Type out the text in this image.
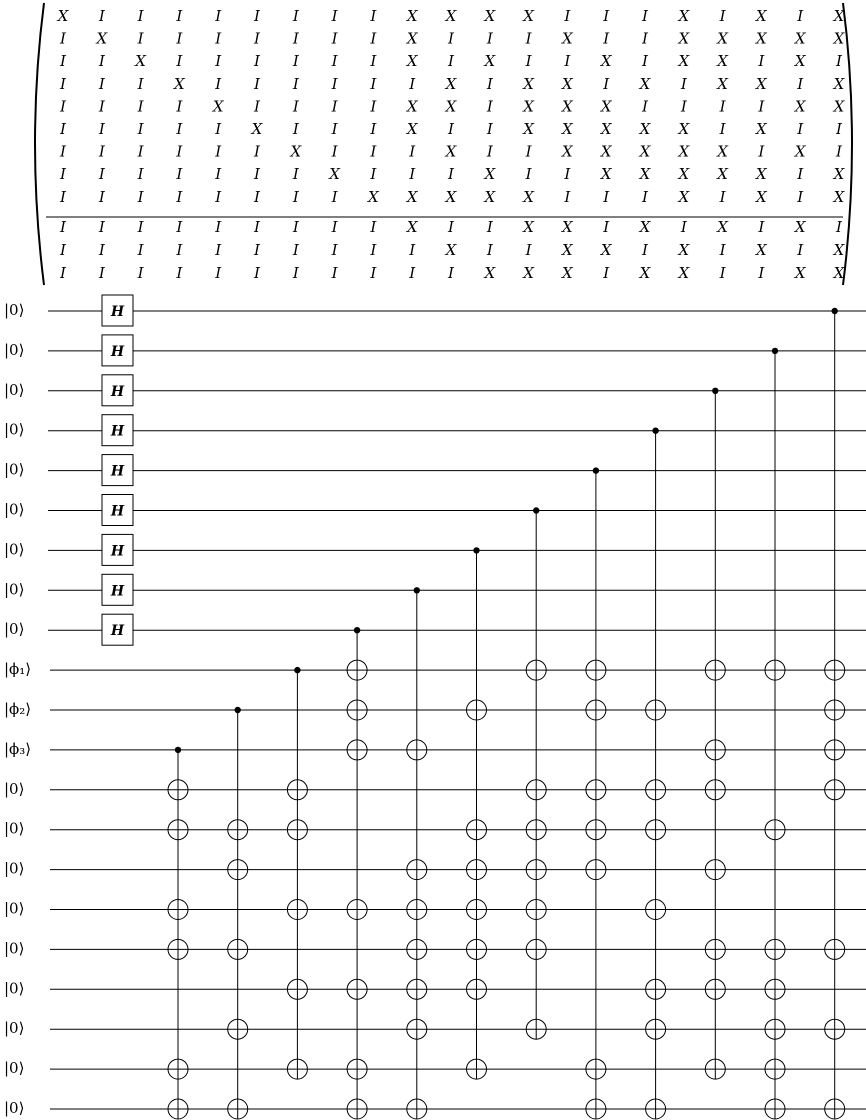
X I I I I I I I I X X X X I I I X I X I X
I X I I I I I I I X I I I X I I X X X X X
I I X I I I I I I X I X I I X I X X I X I
I I I X I I I I I I X I X X I X I X X I X
I I I I X I I I I X X I X X X I I I I X X
I I I I I X I I I X I I X X X X X I X I I
I I I I I I X I I I X I I X X X X X I X I
I I I I I I I X I I I X I I X X X X X I X
I I I I I I I I X X X X X I I I X I X I X
I I I I I I I I I X I I X X I X I X I X I
I I I I I I I I I I X I I X X I X I X I X
I I I I I I I I I I I X X X I X X I I X X
H
H
H
H
H
H
H
H
H
|0⟩
|0⟩
|0⟩
|0⟩
|0⟩
|0⟩
|0⟩
|0⟩
|0⟩
|ϕ₁⟩
|ϕ₂⟩
|ϕ₃⟩
|0⟩
|0⟩
|0⟩
|0⟩
|0⟩
|0⟩
|0⟩
|0⟩
|0⟩
